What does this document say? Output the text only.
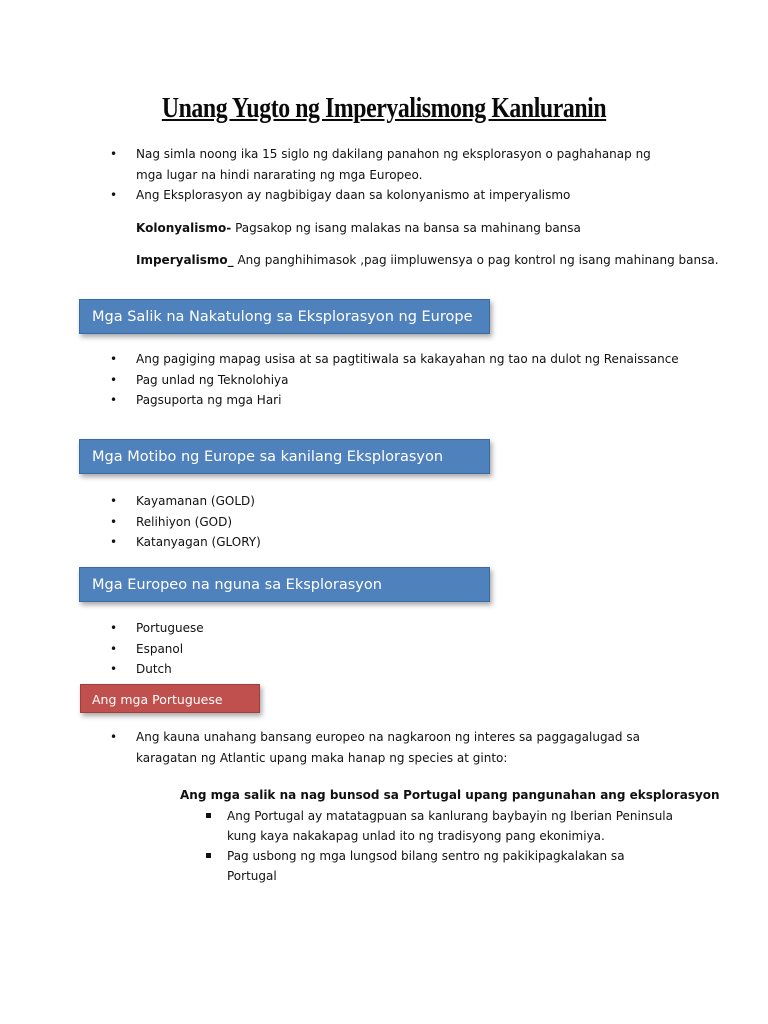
Unang Yugto ng Imperyalismong Kanluranin
• Nag simla noong ika 15 siglo ng dakilang panahon ng eksplorasyon o paghahanap ng mga lugar na hindi nararating ng mga Europeo.
• Ang Eksplorasyon ay nagbibigay daan sa kolonyanismo at imperyalismo

Kolonyalismo- Pagsakop ng isang malakas na bansa sa mahinang bansa

Imperyalismo_ Ang panghihimasok ,pag iimpluwensya o pag kontrol ng isang mahinang bansa.

Mga Salik na Nakatulong sa Eksplorasyon ng Europe
• Ang pagiging mapag usisa at sa pagtitiwala sa kakayahan ng tao na dulot ng Renaissance
• Pag unlad ng Teknolohiya
• Pagsuporta ng mga Hari
Mga Motibo ng Europe sa kanilang Eksplorasyon
• Kayamanan (GOLD)
• Relihiyon (GOD)
• Katanyagan (GLORY)
Mga Europeo na nguna sa Eksplorasyon
• Portuguese
• Espanol
• Dutch
Ang mga Portuguese
• Ang kauna unahang bansang europeo na nagkaroon ng interes sa paggagalugad sa karagatan ng Atlantic upang maka hanap ng species at ginto:

Ang mga salik na nag bunsod sa Portugal upang pangunahan ang eksplorasyon

Ang Portugal ay matatagpuan sa kanlurang baybayin ng Iberian Peninsula kung kaya nakakapag unlad ito ng tradisyong pang ekonimiya.
Pag usbong ng mga lungsod bilang sentro ng pakikipagkalakan sa Portugal
